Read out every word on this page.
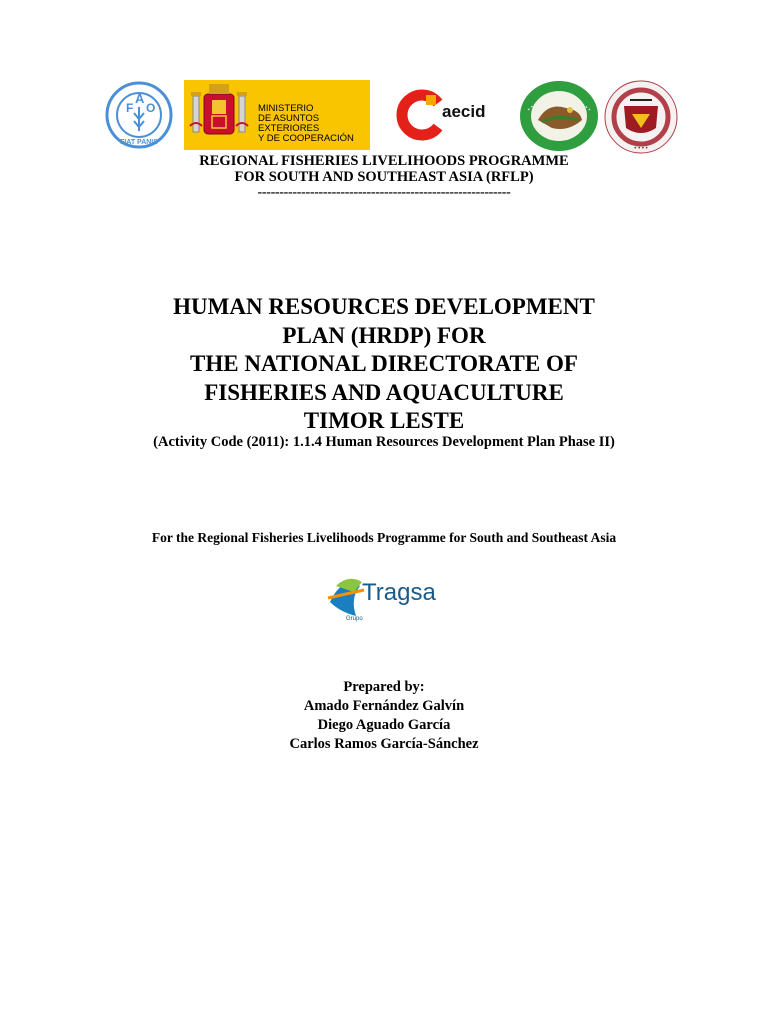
F
A
O
FIAT PANIS
MINISTERIO
DE ASUNTOS EXTERIORES
Y DE COOPERACIÓN
aecid
• • • •
REGIONAL FISHERIES LIVELIHOODS PROGRAMME
FOR SOUTH AND SOUTHEAST ASIA (RFLP)
----------------------------------------------------------
HUMAN RESOURCES DEVELOPMENT
PLAN (HRDP) FOR
THE NATIONAL DIRECTORATE OF
FISHERIES AND AQUACULTURE
TIMOR LESTE
(Activity Code (2011): 1.1.4 Human Resources Development Plan Phase II)
For the Regional Fisheries Livelihoods Programme for South and Southeast Asia
Tragsa
Grupo
Prepared by:
Amado Fernández Galvín
Diego Aguado García
Carlos Ramos García-Sánchez
